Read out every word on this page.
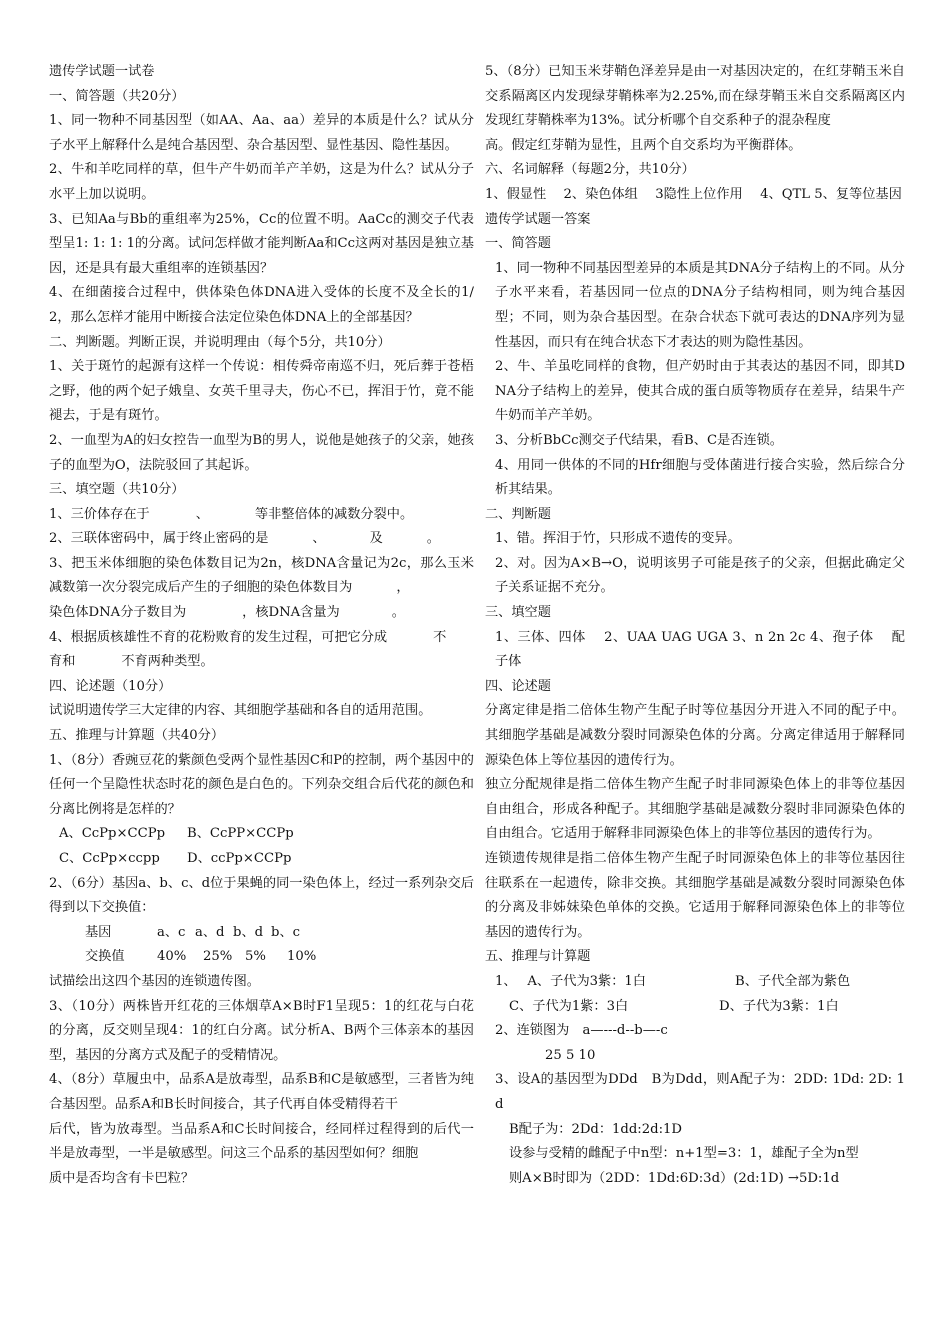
遗传学试题一试卷

一、简答题（共20分）

1、同一物种不同基因型（如AA、Aa、aa）差异的本质是什么？试从分子水平上解释什么是纯合基因型、杂合基因型、显性基因、隐性基因。

2、牛和羊吃同样的草，但牛产牛奶而羊产羊奶，这是为什么？试从分子水平上加以说明。

3、已知Aa与Bb的重组率为25%，Cc的位置不明。AaCc的测交子代表型呈1: 1: 1: 1的分离。试问怎样做才能判断Aa和Cc这两对基因是独立基因，还是具有最大重组率的连锁基因？

4、在细菌接合过程中，供体染色体DNA进入受体的长度不及全长的1/2，那么怎样才能用中断接合法定位染色体DNA上的全部基因？

二、判断题。判断正误，并说明理由（每个5分，共10分）

1、关于斑竹的起源有这样一个传说：相传舜帝南巡不归，死后葬于苍梧之野，他的两个妃子娥皇、女英千里寻夫，伤心不已，挥泪于竹，竟不能褪去，于是有斑竹。

2、一血型为A的妇女控告一血型为B的男人，说他是她孩子的父亲，她孩子的血型为O，法院驳回了其起诉。

三、填空题（共10分）

1、三价体存在于	、	等非整倍体的减数分裂中。

2、三联体密码中，属于终止密码的是	、	及	。

3、把玉米体细胞的染色体数目记为2n，核DNA含量记为2c，那么玉米减数第一次分裂完成后产生的子细胞的染色体数目为	，
染色体DNA分子数目为	，核DNA含量为	。

4、根据质核雄性不育的花粉败育的发生过程，可把它分成	不
育和	不育两种类型。

四、论述题（10分）

试说明遗传学三大定律的内容、其细胞学基础和各自的适用范围。

五、推理与计算题（共40分）

1、（8分）香豌豆花的紫颜色受两个显性基因C和P的控制，两个基因中的任何一个呈隐性状态时花的颜色是白色的。下列杂交组合后代花的颜色和分离比例将是怎样的？

A、CcPp×CCPp B、CcPP×CCPp

C、CcPp×ccpp D、ccPp×CCPp

2、（6分）基因a、b、c、d位于果蝇的同一染色体上，经过一系列杂交后得到以下交换值：

基因	a、c a、d b、d b、c

交换值 40% 25% 5% 10%

试描绘出这四个基因的连锁遗传图。

3、（10分）两株皆开红花的三体烟草A×B时F1呈现5：1的红花与白花的分离，反交则呈现4：1的红白分离。试分析A、B两个三体亲本的基因型，基因的分离方式及配子的受精情况。

4、（8分）草履虫中，品系A是放毒型，品系B和C是敏感型，三者皆为纯合基因型。品系A和B长时间接合，其子代再自体受精得若干

后代，皆为放毒型。当品系A和C长时间接合，经同样过程得到的后代一半是放毒型，一半是敏感型。问这三个品系的基因型如何？细胞

质中是否均含有卡巴粒？

5、（8分）已知玉米芽鞘色泽差异是由一对基因决定的，在红芽鞘玉米自交系隔离区内发现绿芽鞘株率为2.25%,而在绿芽鞘玉米自交系隔离区内发现红芽鞘株率为13%。试分析哪个自交系种子的混杂程度

高。假定红芽鞘为显性，且两个自交系均为平衡群体。

六、名词解释（每题2分，共10分）

1、假显性　 2、染色体组　 3隐性上位作用　 4、QTL 5、复等位基因

遗传学试题一答案

一、简答题

1、同一物种不同基因型差异的本质是其DNA分子结构上的不同。从分子水平来看，若基因同一位点的DNA分子结构相同，则为纯合基因型；不同，则为杂合基因型。在杂合状态下就可表达的DNA序列为显性基因，而只有在纯合状态下才表达的则为隐性基因。

2、牛、羊虽吃同样的食物，但产奶时由于其表达的基因不同，即其DNA分子结构上的差异，使其合成的蛋白质等物质存在差异，结果牛产牛奶而羊产羊奶。

3、分析BbCc测交子代结果，看B、C是否连锁。

4、用同一供体的不同的Hfr细胞与受体菌进行接合实验，然后综合分析其结果。

二、判断题

1、错。挥泪于竹，只形成不遗传的变异。

2、对。因为A×B→O，说明该男子可能是孩子的父亲，但据此确定父子关系证据不充分。

三、填空题

1、三体、四体　 2、UAA UAG UGA 3、n 2n 2c 4、孢子体　 配子体

四、论述题

分离定律是指二倍体生物产生配子时等位基因分开进入不同的配子中。其细胞学基础是减数分裂时同源染色体的分离。分离定律适用于解释同源染色体上等位基因的遗传行为。

独立分配规律是指二倍体生物产生配子时非同源染色体上的非等位基因自由组合，形成各种配子。其细胞学基础是减数分裂时非同源染色体的自由组合。它适用于解释非同源染色体上的非等位基因的遗传行为。

连锁遗传规律是指二倍体生物产生配子时同源染色体上的非等位基因往往联系在一起遗传，除非交换。其细胞学基础是减数分裂时同源染色体的分离及非姊妹染色单体的交换。它适用于解释同源染色体上的非等位基因的遗传行为。

五、推理与计算题

1、　 A、子代为3紫：1白	B、子代全部为紫色

C、子代为1紫：3白	D、子代为3紫：1白

2、连锁图为　a—---d--b—-c

25 5 10

3、设A的基因型为DDd　B为Ddd，则A配子为：2DD: 1Dd: 2D: 1d

B配子为：2Dd：1dd:2d:1D

设参与受精的雌配子中n型：n+1型=3：1，雄配子全为n型

则A×B时即为（2DD：1Dd:6D:3d）(2d:1D) →5D:1d
